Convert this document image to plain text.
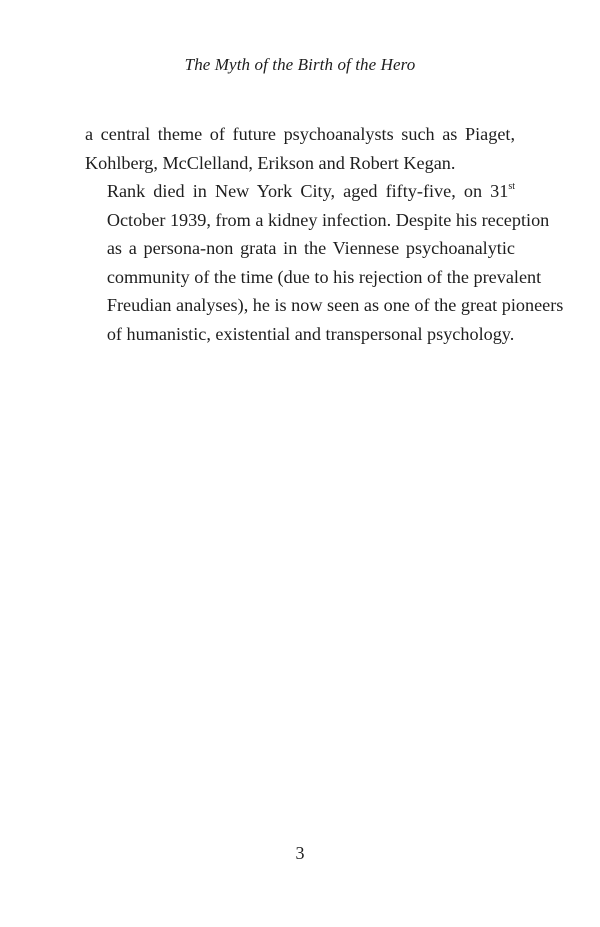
The Myth of the Birth of the Hero

a central theme of future psychoanalysts such as Piaget,
Kohlberg, McClelland, Erikson and Robert Kegan.

Rank died in New York City, aged fifty-five, on 31st
October 1939, from a kidney infection. Despite his reception
as a persona-non grata in the Viennese psychoanalytic
community of the time (due to his rejection of the prevalent
Freudian analyses), he is now seen as one of the great pioneers
of humanistic, existential and transpersonal psychology.

3
